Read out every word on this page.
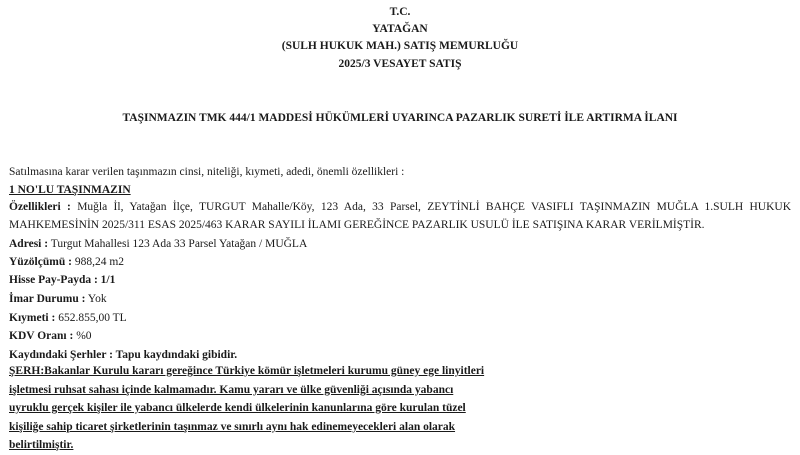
T.C.
YATAĞAN
(SULH HUKUK MAH.) SATIŞ MEMURLUĞU
2025/3 VESAYET SATIŞ
TAŞINMAZIN TMK 444/1 MADDESİ HÜKÜMLERİ UYARINCA PAZARLIK SURETİ İLE ARTIRMA İLANI
Satılmasına karar verilen taşınmazın cinsi, niteliği, kıymeti, adedi, önemli özellikleri :
1 NO'LU TAŞINMAZIN
Özellikleri : Muğla İl, Yatağan İlçe, TURGUT Mahalle/Köy, 123 Ada, 33 Parsel, ZEYTİNLİ BAHÇE VASIFLI TAŞINMAZIN MUĞLA 1.SULH HUKUK MAHKEMESİNİN 2025/311 ESAS 2025/463 KARAR SAYILI İLAMI GEREĞİNCE PAZARLIK USULÜ İLE SATIŞINA KARAR VERİLMİŞTİR.
Adresi : Turgut Mahallesi 123 Ada 33 Parsel Yatağan / MUĞLA
Yüzölçümü : 988,24 m2
Hisse Pay-Payda : 1/1
İmar Durumu : Yok
Kıymeti : 652.855,00 TL
KDV Oranı : %0
Kaydındaki Şerhler : Tapu kaydındaki gibidir.
ŞERH:Bakanlar Kurulu kararı gereğince Türkiye kömür işletmeleri kurumu güney ege linyitleri
işletmesi ruhsat sahası içinde kalmamadır. Kamu yararı ve ülke güvenliği açısında yabancı
uyruklu gerçek kişiler ile yabancı ülkelerde kendi ülkelerinin kanunlarına göre kurulan tüzel
kişiliğe sahip ticaret şirketlerinin taşınmaz ve sınırlı aynı hak edinemeyecekleri alan olarak
belirtilmiştir.
